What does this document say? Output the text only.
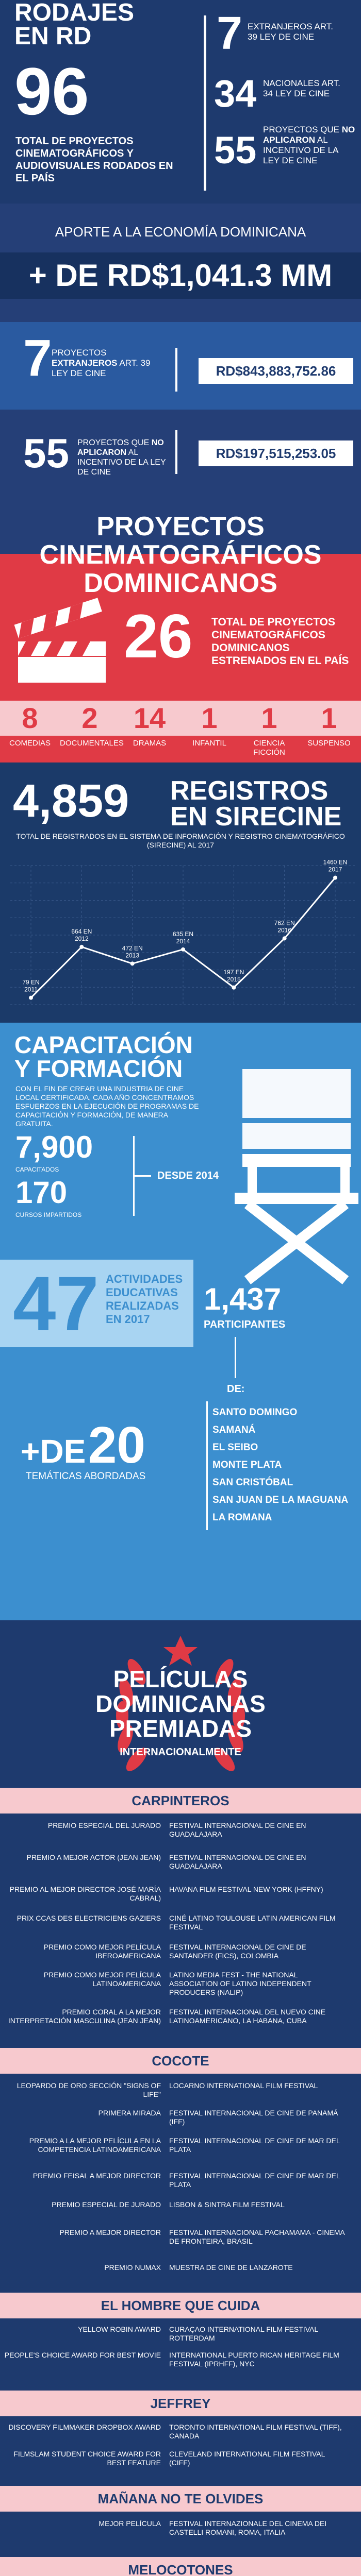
RODAJES
EN RD
96
TOTAL DE PROYECTOS CINEMATOGRÁFICOS Y AUDIOVISUALES RODADOS EN EL PAÍS
7 EXTRANJEROS ART. 39 LEY DE CINE
34 NACIONALES ART. 34 LEY DE CINE
55 PROYECTOS QUE NO APLICARON AL INCENTIVO DE LA LEY DE CINE
APORTE A LA ECONOMÍA DOMINICANA
+ DE RD$1,041.3 MM
7 PROYECTOS EXTRANJEROS ART. 39 LEY DE CINE	RD$843,883,752.86
55 PROYECTOS QUE NO APLICARON AL INCENTIVO DE LA LEY DE CINE
RD$197,515,253.05
PROYECTOS
CINEMATOGRÁFICOS
DOMINICANOS
26 TOTAL DE PROYECTOS CINEMATOGRÁFICOS DOMINICANOS ESTRENADOS EN EL PAÍS
8
COMEDIAS
2
DOCUMENTALES
14
DRAMAS
1
INFANTIL
1
CIENCIA FICCIÓN
1
SUSPENSO
4,859 REGISTROS
EN SIRECINE
TOTAL DE REGISTRADOS EN EL SISTEMA DE INFORMACIÓN Y REGISTRO CINEMATOGRÁFICO (SIRECINE) AL 2017
79 EN
2011
664 EN
2012
472 EN
2013
635 EN
2014
197 EN
2015
762 EN
2016
1460 EN
2017
CAPACITACIÓN
Y FORMACIÓN
CON EL FIN DE CREAR UNA INDUSTRIA DE CINE LOCAL CERTIFICADA, CADA AÑO CONCENTRAMOS ESFUERZOS EN LA EJECUCIÓN DE PROGRAMAS DE CAPACITACIÓN Y FORMACIÓN, DE MANERA GRATUITA.
7,900
CAPACITADOS
170
CURSOS IMPARTIDOS
DESDE 2014
47 ACTIVIDADES EDUCATIVAS REALIZADAS EN 2017
1,437
PARTICIPANTES
DE:
SANTO DOMINGO
SAMANÁ
EL SEIBO
MONTE PLATA
SAN CRISTÓBAL
SAN JUAN DE LA MAGUANA
LA ROMANA
+DE 20
TEMÁTICAS ABORDADAS
PELÍCULAS
DOMINICANAS
PREMIADAS
INTERNACIONALMENTE
CARPINTEROS
PREMIO ESPECIAL DEL JURADO FESTIVAL INTERNACIONAL DE CINE EN GUADALAJARA
PREMIO A MEJOR ACTOR (JEAN JEAN) FESTIVAL INTERNACIONAL DE CINE EN GUADALAJARA
PREMIO AL MEJOR DIRECTOR JOSÉ MARÍA CABRAL)
HAVANA FILM FESTIVAL NEW YORK (HFFNY)
PRIX CCAS DES ELECTRICIENS GAZIERS CINÉ LATINO TOULOUSE LATIN AMERICAN FILM FESTIVAL
PREMIO COMO MEJOR PELÍCULA IBEROAMERICANA
FESTIVAL INTERNACIONAL DE CINE DE SANTANDER (FICS), COLOMBIA
PREMIO COMO MEJOR PELÍCULA LATINOAMERICANA
LATINO MEDIA FEST - THE NATIONAL ASSOCIATION OF LATINO INDEPENDENT PRODUCERS (NALIP)
PREMIO CORAL A LA MEJOR INTERPRETACIÓN MASCULINA (JEAN JEAN)
FESTIVAL INTERNACIONAL DEL NUEVO CINE LATINOAMERICANO, LA HABANA, CUBA
COCOTE
LEOPARDO DE ORO SECCIÓN "SIGNS OF LIFE"
LOCARNO INTERNATIONAL FILM FESTIVAL
PRIMERA MIRADA FESTIVAL INTERNACIONAL DE CINE DE PANAMÁ (IFF)
PREMIO A LA MEJOR PELÍCULA EN LA COMPETENCIA LATINOAMERICANA
FESTIVAL INTERNACIONAL DE CINE DE MAR DEL PLATA
PREMIO FEISAL A MEJOR DIRECTOR FESTIVAL INTERNACIONAL DE CINE DE MAR DEL PLATA
PREMIO ESPECIAL DE JURADO LISBON & SINTRA FILM FESTIVAL
PREMIO A MEJOR DIRECTOR FESTIVAL INTERNACIONAL PACHAMAMA - CINEMA DE FRONTEIRA, BRASIL
PREMIO NUMAX MUESTRA DE CINE DE LANZAROTE
EL HOMBRE QUE CUIDA
YELLOW ROBIN AWARD CURAÇAO INTERNATIONAL FILM FESTIVAL ROTTERDAM
PEOPLE'S CHOICE AWARD FOR BEST MOVIE INTERNATIONAL PUERTO RICAN HERITAGE FILM FESTIVAL (IPRHFF), NYC
JEFFREY
DISCOVERY FILMMAKER DROPBOX AWARD TORONTO INTERNATIONAL FILM FESTIVAL (TIFF), CANADA
FILMSLAM STUDENT CHOICE AWARD FOR BEST FEATURE
CLEVELAND INTERNATIONAL FILM FESTIVAL (CIFF)
MAÑANA NO TE OLVIDES
MEJOR PELÍCULA FESTIVAL INTERNAZIONALE DEL CINEMA DEI CASTELLI ROMANI, ROMA, ITALIA
MELOCOTONES
